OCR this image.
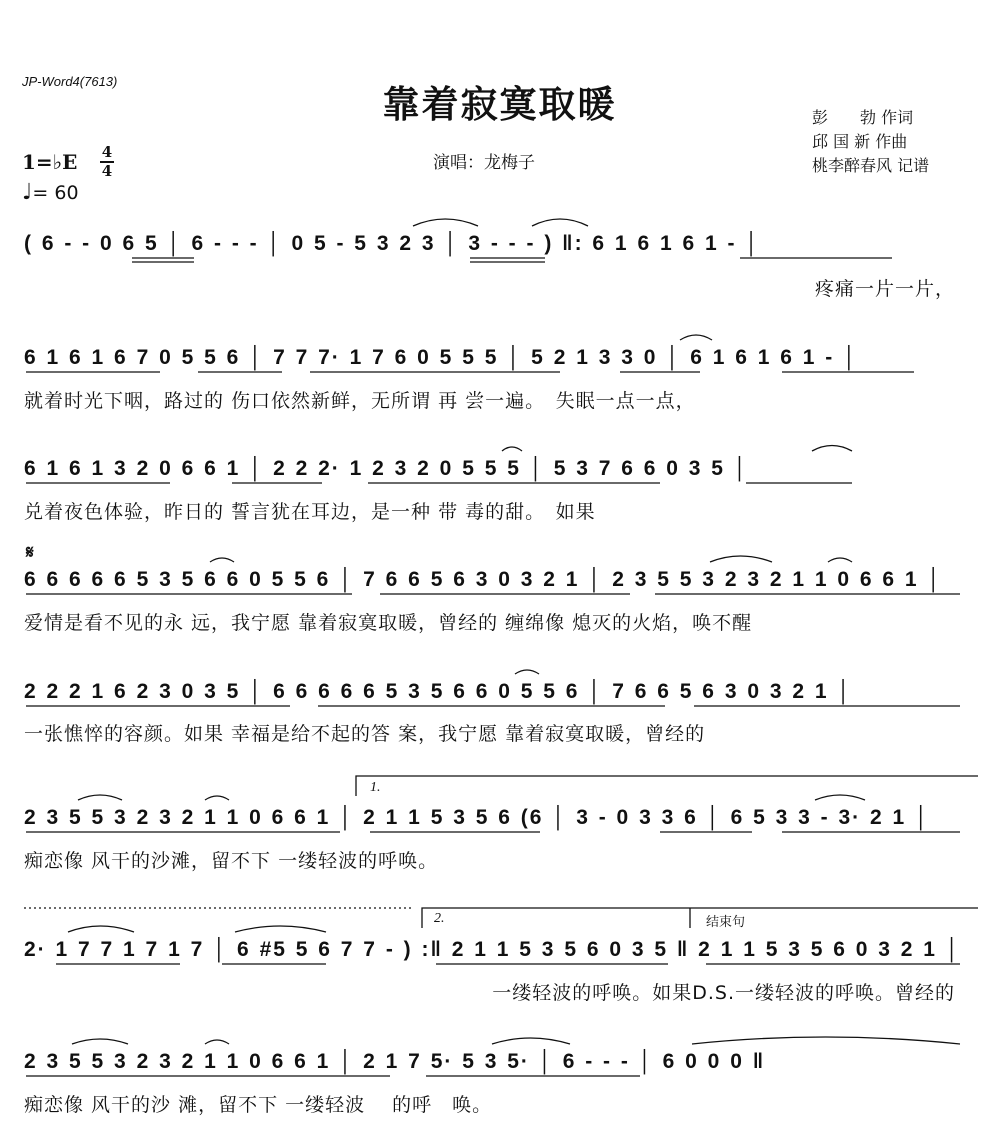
JP-Word4(7613)
靠着寂寞取暖
演唱：龙梅子
彭　　勃 作词
邱 国 新 作曲
桃李醉春风 记谱
1=♭E 4
4
♩= 60
( 6 - - 0 6 5 │ 6 - - - │ 0 5 - 5 3 2 3 │ 3 - - - ) ‖: 6 1 6 1 6 1 - │
疼痛一片一片，
6 1 6 1 6 7 0 5 5 6 │ 7 7 7· 1 7 6 0 5 5 5 │ 5 2 1 3 3 0 │ 6 1 6 1 6 1 - │
就着时光下咽，路过的 伤口依然新鲜，无所谓 再 尝一遍。　失眠一点一点，
6 1 6 1 3 2 0 6 6 1 │ 2 2 2· 1 2 3 2 0 5 5 5 │ 5 3 7 6 6 0 3 5 │
兑着夜色体验，昨日的 誓言犹在耳边，是一种 带 毒的甜。　如果
𝄋
6 6 6 6 6 5 3 5 6 6 0 5 5 6 │ 7 6 6 5 6 3 0 3 2 1 │ 2 3 5 5 3 2 3 2 1 1 0 6 6 1 │
爱情是看不见的永 远，我宁愿 靠着寂寞取暖，曾经的 缠绵像 熄灭的火焰，唤不醒
2 2 2 1 6 2 3 0 3 5 │ 6 6 6 6 6 5 3 5 6 6 0 5 5 6 │ 7 6 6 5 6 3 0 3 2 1 │
一张憔悴的容颜。如果 幸福是给不起的答 案，我宁愿 靠着寂寞取暖，曾经的
1.
2 3 5 5 3 2 3 2 1 1 0 6 6 1 │ 2 1 1 5 3 5 6 (6 │ 3 - 0 3 3 6 │ 6 5 3 3 - 3· 2 1 │
痴恋像 风干的沙滩，留不下 一缕轻波的呼唤。
2.	结束句
2· 1 7 7 1 7 1 7 │ 6 #5 5 6 7 7 - ) :‖ 2 1 1 5 3 5 6 0 3 5 ‖ 2 1 1 5 3 5 6 0 3 2 1 │
一缕轻波的呼唤。如果D.S.一缕轻波的呼唤。曾经的
2 3 5 5 3 2 3 2 1 1 0 6 6 1 │ 2 1 7 5· 5 3 5· │ 6 - - - │ 6 0 0 0 ‖
痴恋像 风干的沙 滩，留不下 一缕轻波　 的呼　唤。
